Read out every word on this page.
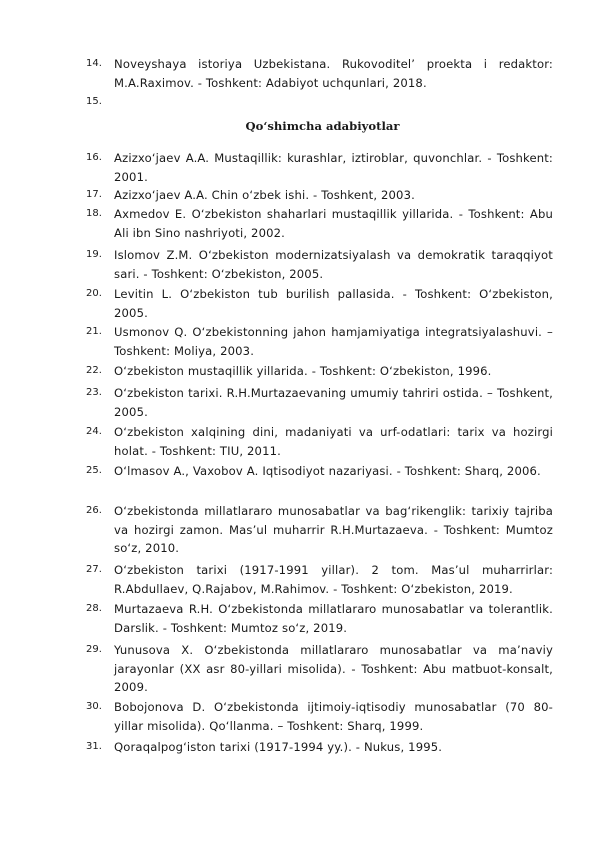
14. Noveyshaya istoriya Uzbekistana. Rukovoditel’ proekta i redaktor: M.A.Raximov. - Toshkent: Adabiyot uchqunlari, 2018.
15.
Qo‘shimcha adabiyotlar
16. Azizxo‘jaev A.A. Mustaqillik: kurashlar, iztiroblar, quvonchlar. - Toshkent: 2001.
17. Azizxo‘jaev A.A. Chin o‘zbek ishi. - Toshkent, 2003.
18. Axmedov E. O‘zbekiston shaharlari mustaqillik yillarida. - Toshkent: Abu Ali ibn Sino nashriyoti, 2002.
19. Islomov Z.M. O‘zbekiston modernizatsiyalash va demokratik taraqqiyot sari. - Toshkent: O‘zbekiston, 2005.
20. Levitin L. O‘zbekiston tub burilish pallasida. - Toshkent: O‘zbekiston, 2005.
21. Usmonov Q. O‘zbekistonning jahon hamjamiyatiga integratsiyalashuvi. –Toshkent: Moliya, 2003.
22. O‘zbekiston mustaqillik yillarida. - Toshkent: O‘zbekiston, 1996.
23. O‘zbekiston tarixi. R.H.Murtazaevaning umumiy tahriri ostida. – Toshkent, 2005.
24. O‘zbekiston xalqining dini, madaniyati va urf-odatlari: tarix va hozirgi holat. - Toshkent: TIU, 2011.
25. O‘lmasov A., Vaxobov A. Iqtisodiyot nazariyasi. - Toshkent: Sharq, 2006.
26. O‘zbekistonda millatlararo munosabatlar va bag‘rikenglik: tarixiy tajriba va hozirgi zamon. Mas’ul muharrir R.H.Murtazaeva. - Toshkent: Mumtoz so‘z, 2010.
27. O‘zbekiston tarixi (1917-1991 yillar). 2 tom. Mas’ul muharrirlar: R.Abdullaev, Q.Rajabov, M.Rahimov. - Toshkent: O‘zbekiston, 2019.
28. Murtazaeva R.H. O‘zbekistonda millatlararo munosabatlar va tolerantlik. Darslik. - Toshkent: Mumtoz so‘z, 2019.
29. Yunusova X. O‘zbekistonda millatlararo munosabatlar va ma’naviy jarayonlar (XX asr 80-yillari misolida). - Toshkent: Abu matbuot-konsalt, 2009.
30. Bobojonova D. O‘zbekistonda ijtimoiy-iqtisodiy munosabatlar (70 80-yillar misolida). Qo‘llanma. – Toshkent: Sharq, 1999.
31. Qoraqalpog‘iston tarixi (1917-1994 yy.). - Nukus, 1995.
